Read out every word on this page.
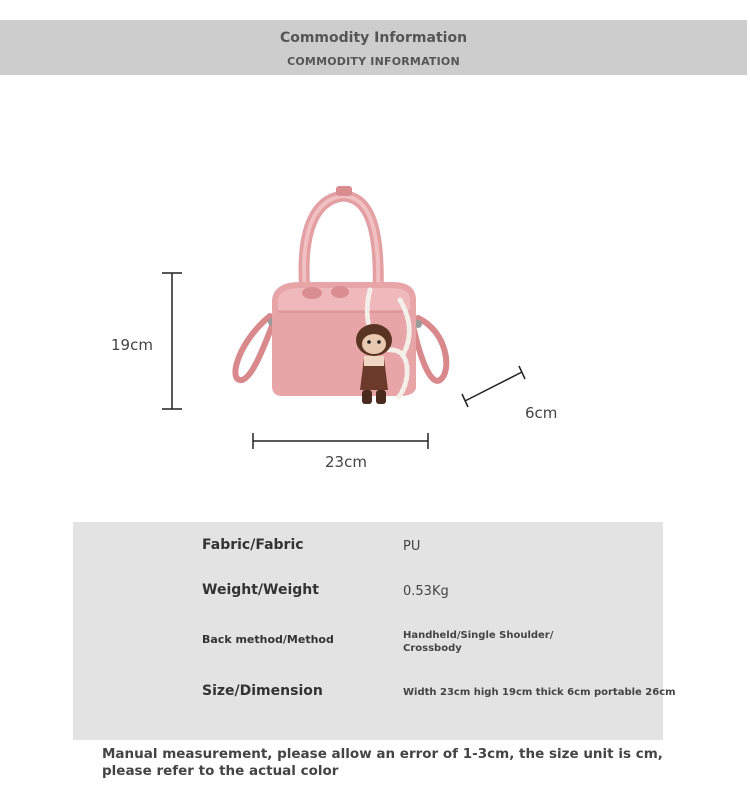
Commodity Information
COMMODITY INFORMATION
19cm
23cm
6cm
Fabric/Fabric	PU
Weight/Weight	0.53Kg
Back method/Method	Handheld/Single Shoulder/
Crossbody
Size/Dimension	Width 23cm high 19cm thick 6cm portable 26cm
Manual measurement, please allow an error of 1-3cm, the size unit is cm, please refer to the actual color
